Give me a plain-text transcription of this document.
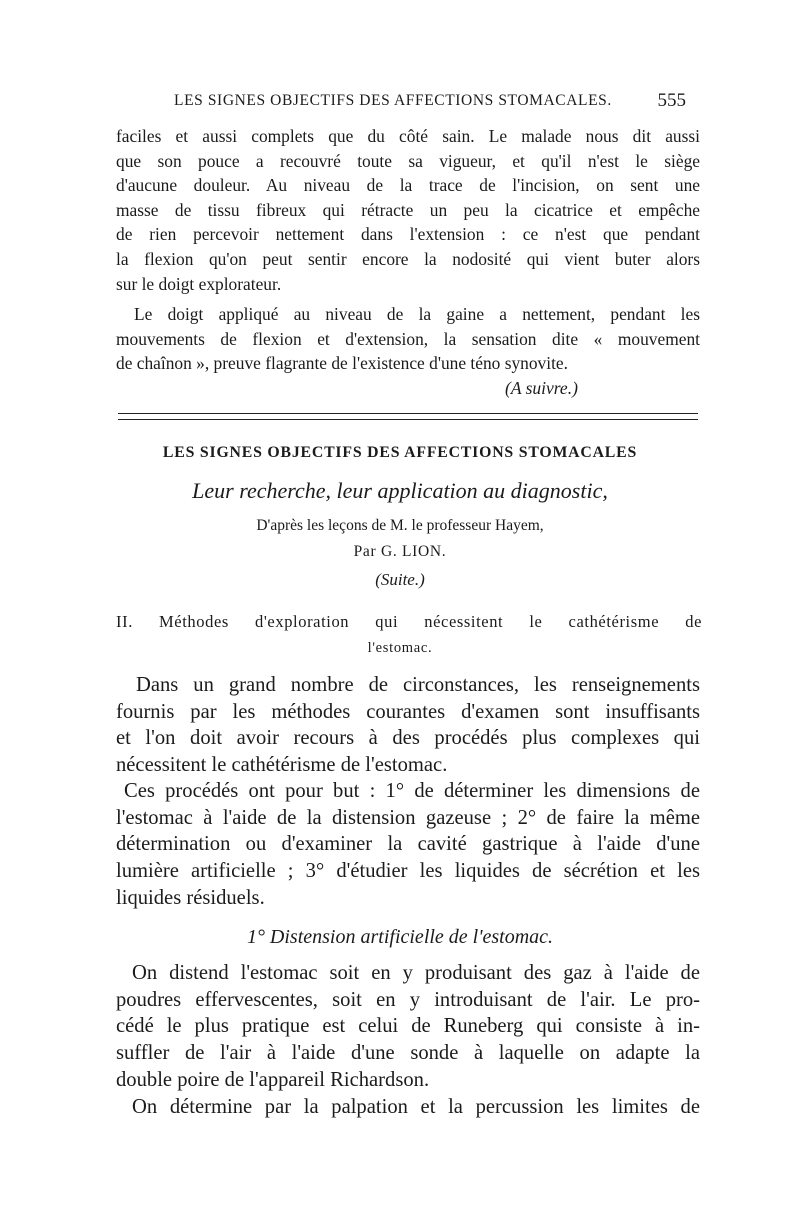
LES SIGNES OBJECTIFS DES AFFECTIONS STOMACALES. 555
faciles et aussi complets que du côté sain. Le malade nous dit aussi
que son pouce a recouvré toute sa vigueur, et qu'il n'est le siège
d'aucune douleur. Au niveau de la trace de l'incision, on sent une
masse de tissu fibreux qui rétracte un peu la cicatrice et empêche
de rien percevoir nettement dans l'extension : ce n'est que pendant
la flexion qu'on peut sentir encore la nodosité qui vient buter alors
sur le doigt explorateur.
Le doigt appliqué au niveau de la gaine a nettement, pendant les
mouvements de flexion et d'extension, la sensation dite « mouvement
de chaînon », preuve flagrante de l'existence d'une téno synovite.
(A suivre.)
LES SIGNES OBJECTIFS DES AFFECTIONS STOMACALES
Leur recherche, leur application au diagnostic,
D'après les leçons de M. le professeur Hayem,
Par G. LION.
(Suite.)
II. Méthodes d'exploration qui nécessitent le cathétérisme de
l'estomac.
Dans un grand nombre de circonstances, les renseignements
fournis par les méthodes courantes d'examen sont insuffisants
et l'on doit avoir recours à des procédés plus complexes qui
nécessitent le cathétérisme de l'estomac.
Ces procédés ont pour but : 1° de déterminer les dimensions de
l'estomac à l'aide de la distension gazeuse ; 2° de faire la même
détermination ou d'examiner la cavité gastrique à l'aide d'une
lumière artificielle ; 3° d'étudier les liquides de sécrétion et les
liquides résiduels.
1° Distension artificielle de l'estomac.
On distend l'estomac soit en y produisant des gaz à l'aide de
poudres effervescentes, soit en y introduisant de l'air. Le pro-
cédé le plus pratique est celui de Runeberg qui consiste à in-
suffler de l'air à l'aide d'une sonde à laquelle on adapte la
double poire de l'appareil Richardson.
On détermine par la palpation et la percussion les limites de
